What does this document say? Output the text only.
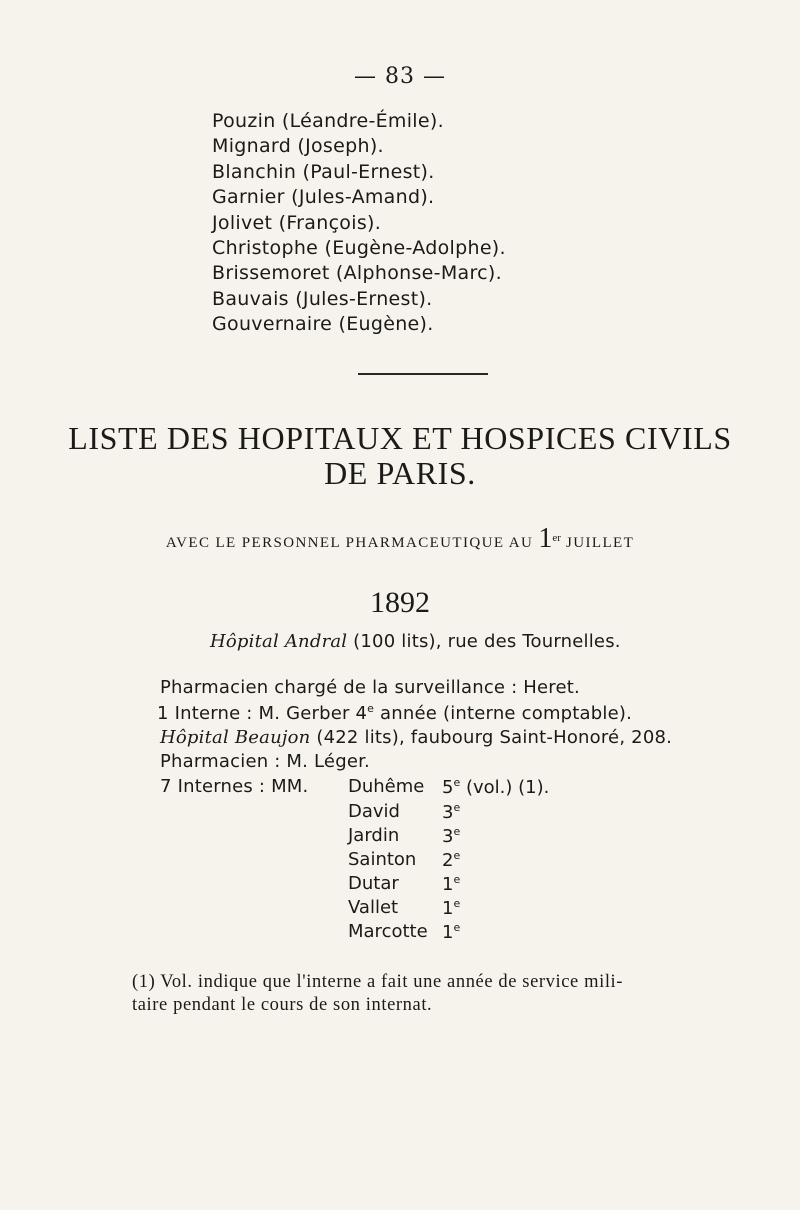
— 83 —
Pouzin (Léandre-Émile).
Mignard (Joseph).
Blanchin (Paul-Ernest).
Garnier (Jules-Amand).
Jolivet (François).
Christophe (Eugène-Adolphe).
Brissemoret (Alphonse-Marc).
Bauvais (Jules-Ernest).
Gouvernaire (Eugène).
LISTE DES HOPITAUX ET HOSPICES CIVILS
DE PARIS.
AVEC LE PERSONNEL PHARMACEUTIQUE AU 1er JUILLET
1892
Hôpital Andral (100 lits), rue des Tournelles.
Pharmacien chargé de la surveillance : Heret.
1 Interne : M. Gerber 4e année (interne comptable).
Hôpital Beaujon (422 lits), faubourg Saint-Honoré, 208.
Pharmacien : M. Léger.
7 Internes : MM. Duhême 5e (vol.) (1).
David 3e
Jardin 3e
Sainton 2e
Dutar 1e
Vallet 1e
Marcotte 1e
(1) Vol. indique que l'interne a fait une année de service mili-
taire pendant le cours de son internat.
